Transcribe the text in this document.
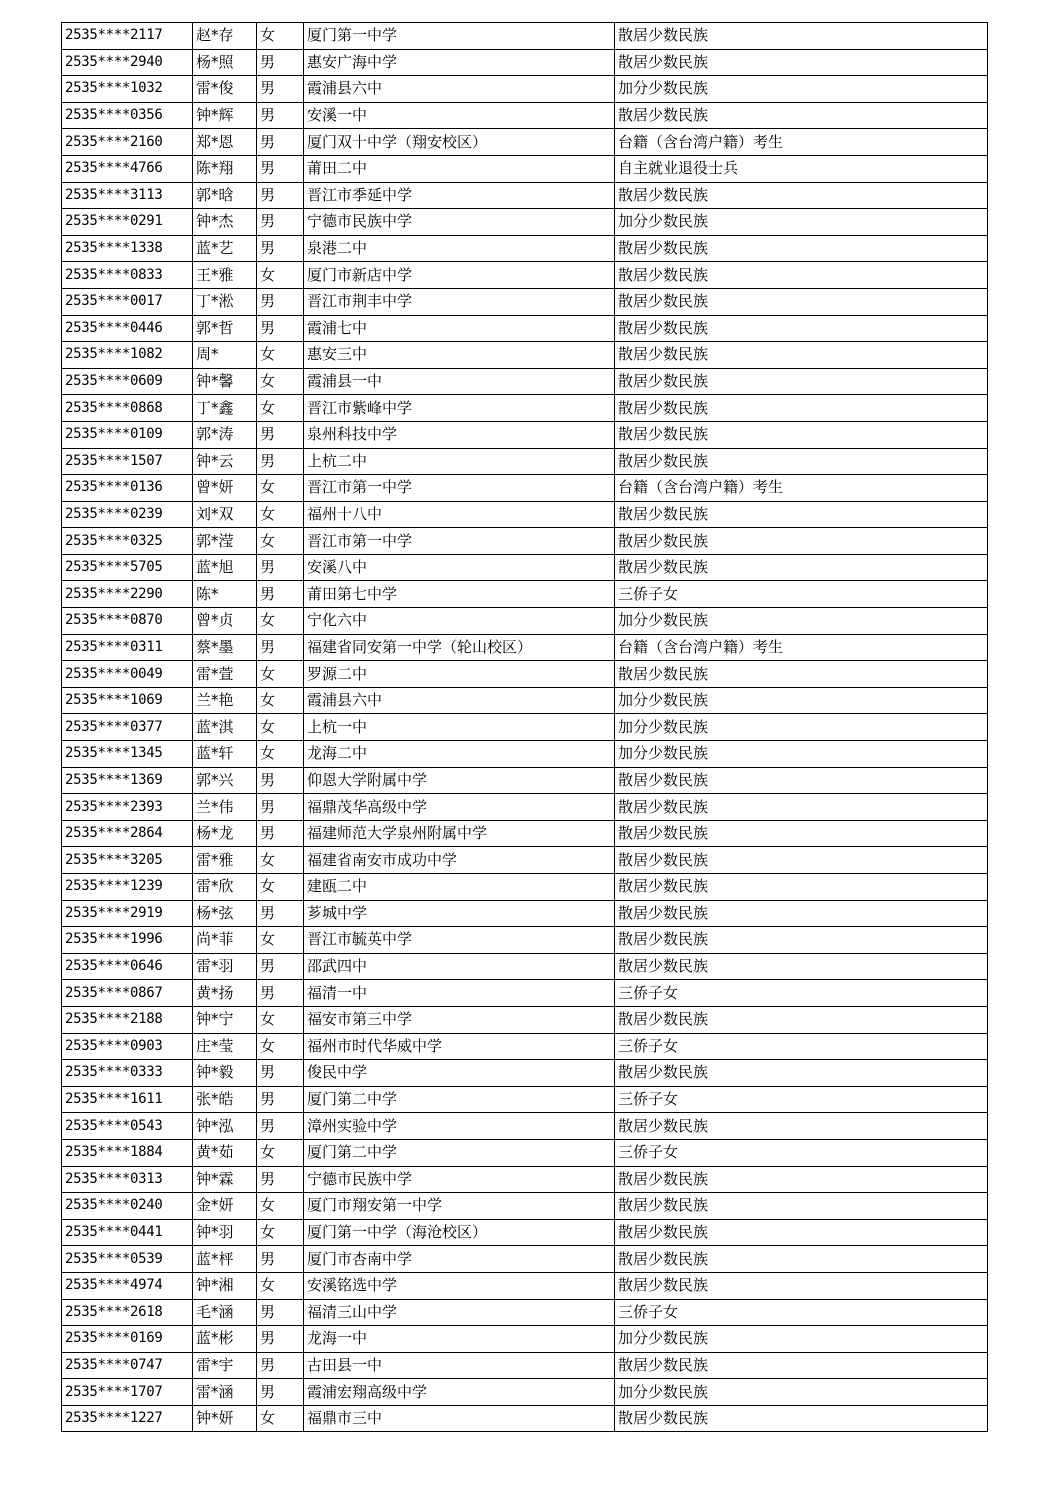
2535****2117	赵*存	女	厦门第一中学	散居少数民族
2535****2940	杨*照	男	惠安广海中学	散居少数民族
2535****1032	雷*俊	男	霞浦县六中	加分少数民族
2535****0356	钟*辉	男	安溪一中	散居少数民族
2535****2160	郑*恩	男	厦门双十中学（翔安校区）	台籍（含台湾户籍）考生
2535****4766	陈*翔	男	莆田二中	自主就业退役士兵
2535****3113	郭*晗	男	晋江市季延中学	散居少数民族
2535****0291	钟*杰	男	宁德市民族中学	加分少数民族
2535****1338	蓝*艺	男	泉港二中	散居少数民族
2535****0833	王*雅	女	厦门市新店中学	散居少数民族
2535****0017	丁*淞	男	晋江市荆丰中学	散居少数民族
2535****0446	郭*哲	男	霞浦七中	散居少数民族
2535****1082	周*	女	惠安三中	散居少数民族
2535****0609	钟*馨	女	霞浦县一中	散居少数民族
2535****0868	丁*鑫	女	晋江市紫峰中学	散居少数民族
2535****0109	郭*涛	男	泉州科技中学	散居少数民族
2535****1507	钟*云	男	上杭二中	散居少数民族
2535****0136	曾*妍	女	晋江市第一中学	台籍（含台湾户籍）考生
2535****0239	刘*双	女	福州十八中	散居少数民族
2535****0325	郭*滢	女	晋江市第一中学	散居少数民族
2535****5705	蓝*旭	男	安溪八中	散居少数民族
2535****2290	陈*	男	莆田第七中学	三侨子女
2535****0870	曾*贞	女	宁化六中	加分少数民族
2535****0311	蔡*墨	男	福建省同安第一中学（轮山校区）	台籍（含台湾户籍）考生
2535****0049	雷*萱	女	罗源二中	散居少数民族
2535****1069	兰*艳	女	霞浦县六中	加分少数民族
2535****0377	蓝*淇	女	上杭一中	加分少数民族
2535****1345	蓝*轩	女	龙海二中	加分少数民族
2535****1369	郭*兴	男	仰恩大学附属中学	散居少数民族
2535****2393	兰*伟	男	福鼎茂华高级中学	散居少数民族
2535****2864	杨*龙	男	福建师范大学泉州附属中学	散居少数民族
2535****3205	雷*雅	女	福建省南安市成功中学	散居少数民族
2535****1239	雷*欣	女	建瓯二中	散居少数民族
2535****2919	杨*弦	男	芗城中学	散居少数民族
2535****1996	尚*菲	女	晋江市毓英中学	散居少数民族
2535****0646	雷*羽	男	邵武四中	散居少数民族
2535****0867	黄*扬	男	福清一中	三侨子女
2535****2188	钟*宁	女	福安市第三中学	散居少数民族
2535****0903	庄*莹	女	福州市时代华威中学	三侨子女
2535****0333	钟*毅	男	俊民中学	散居少数民族
2535****1611	张*皓	男	厦门第二中学	三侨子女
2535****0543	钟*泓	男	漳州实验中学	散居少数民族
2535****1884	黄*茹	女	厦门第二中学	三侨子女
2535****0313	钟*霖	男	宁德市民族中学	散居少数民族
2535****0240	金*妍	女	厦门市翔安第一中学	散居少数民族
2535****0441	钟*羽	女	厦门第一中学（海沧校区）	散居少数民族
2535****0539	蓝*枰	男	厦门市杏南中学	散居少数民族
2535****4974	钟*湘	女	安溪铭选中学	散居少数民族
2535****2618	毛*涵	男	福清三山中学	三侨子女
2535****0169	蓝*彬	男	龙海一中	加分少数民族
2535****0747	雷*宇	男	古田县一中	散居少数民族
2535****1707	雷*涵	男	霞浦宏翔高级中学	加分少数民族
2535****1227	钟*妍	女	福鼎市三中	散居少数民族
